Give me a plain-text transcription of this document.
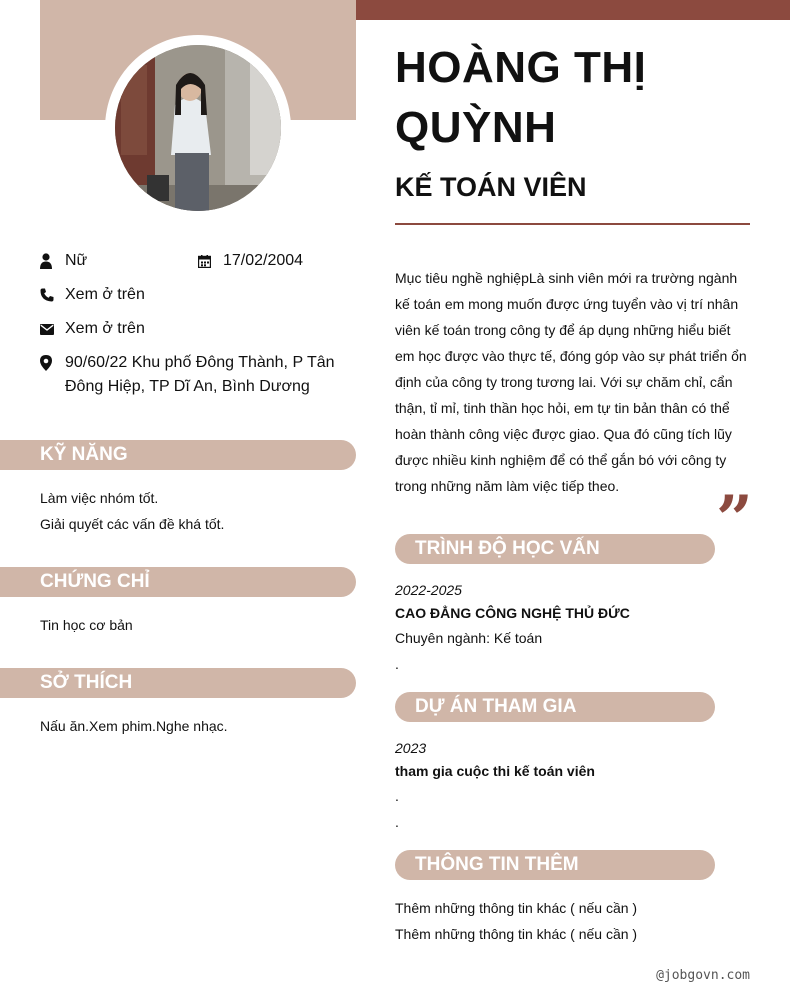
HOÀNG THỊ
QUỲNH
KẾ TOÁN VIÊN
Nữ	17/02/2004
Xem ở trên
Xem ở trên
90/60/22 Khu phố Đông Thành, P Tân Đông Hiệp, TP Dĩ An, Bình Dương
KỸ NĂNG
Làm việc nhóm tốt.
Giải quyết các vấn đề khá tốt.
CHỨNG CHỈ
Tin học cơ bản
SỞ THÍCH
Nấu ăn.Xem phim.Nghe nhạc.
Mục tiêu nghề nghiệpLà sinh viên mới ra trường ngành kế toán em mong muốn được ứng tuyển vào vị trí nhân viên kế toán trong công ty để áp dụng những hiểu biết em học được vào thực tế, đóng góp vào sự phát triển ổn định của công ty trong tương lai. Với sự chăm chỉ, cẩn thận, tỉ mỉ, tinh thần học hỏi, em tự tin bản thân có thể hoàn thành công việc được giao. Qua đó cũng tích lũy được nhiều kinh nghiệm để có thể gắn bó với công ty trong những năm làm việc tiếp theo.	”
TRÌNH ĐỘ HỌC VẤN
2022-2025
CAO ĐẲNG CÔNG NGHỆ THỦ ĐỨC
Chuyên ngành: Kế toán
.
DỰ ÁN THAM GIA
2023
tham gia cuộc thi kế toán viên
.
.
THÔNG TIN THÊM
Thêm những thông tin khác ( nếu cần )
Thêm những thông tin khác ( nếu cần )
@jobgovn.com
